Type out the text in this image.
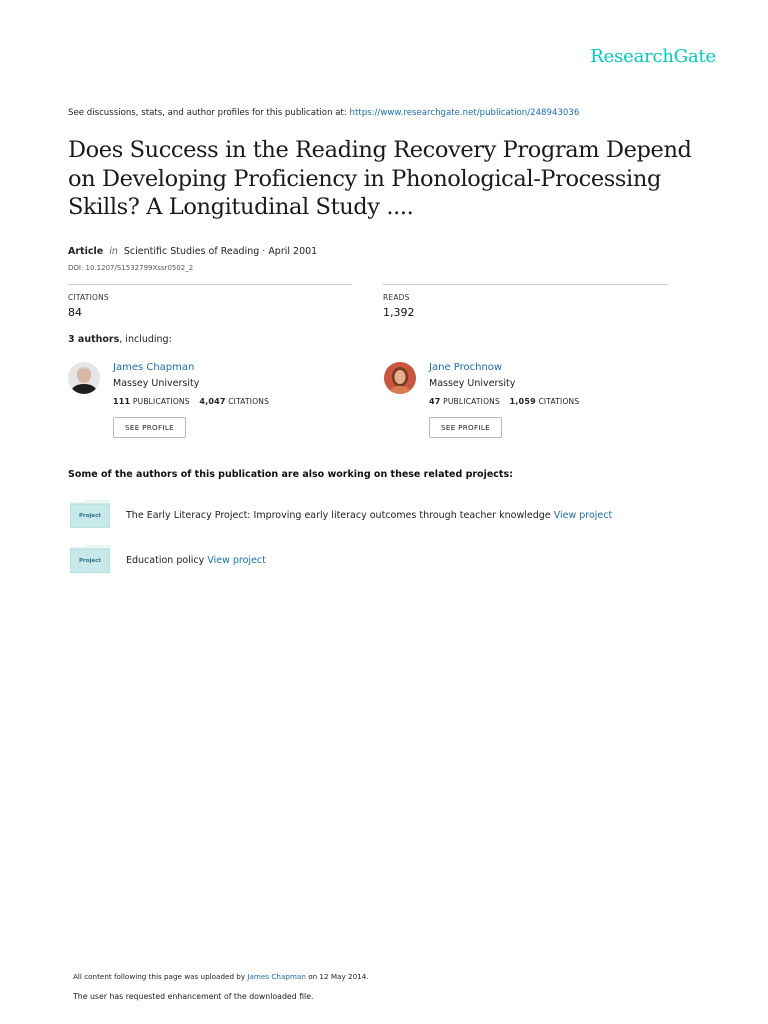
ResearchGate
See discussions, stats, and author profiles for this publication at: https://www.researchgate.net/publication/248943036
Does Success in the Reading Recovery Program Depend on Developing Proficiency in Phonological-Processing Skills? A Longitudinal Study ....
Article in Scientific Studies of Reading · April 2001
DOI: 10.1207/S1532799Xssr0502_2
CITATIONS
84
READS
1,392
3 authors, including:
James Chapman
Massey University
111 PUBLICATIONS 4,047 CITATIONS
SEE PROFILE
Jane Prochnow
Massey University
47 PUBLICATIONS 1,059 CITATIONS
SEE PROFILE
Some of the authors of this publication are also working on these related projects:
Project	The Early Literacy Project: Improving early literacy outcomes through teacher knowledge View project
Project	Education policy View project
All content following this page was uploaded by James Chapman on 12 May 2014.
The user has requested enhancement of the downloaded file.
